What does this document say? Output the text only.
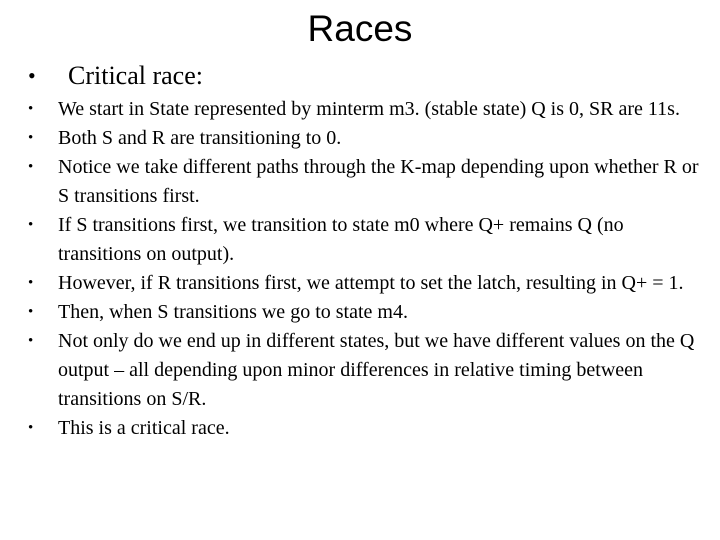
Races
•	Critical race:
•	We start in State represented by minterm m3. (stable state) Q is 0, SR are 11s.
•	Both S and R are transitioning to 0.
•	Notice we take different paths through the K-map depending upon whether R or S transitions first.
•	If S transitions first, we transition to state m0 where Q+ remains Q (no transitions on output).
•	However, if R transitions first, we attempt to set the latch, resulting in Q+ = 1.
•	Then, when S transitions we go to state m4.
•	Not only do we end up in different states, but we have different values on the Q output – all depending upon minor differences in relative timing between transitions on S/R.
•	This is a critical race.
